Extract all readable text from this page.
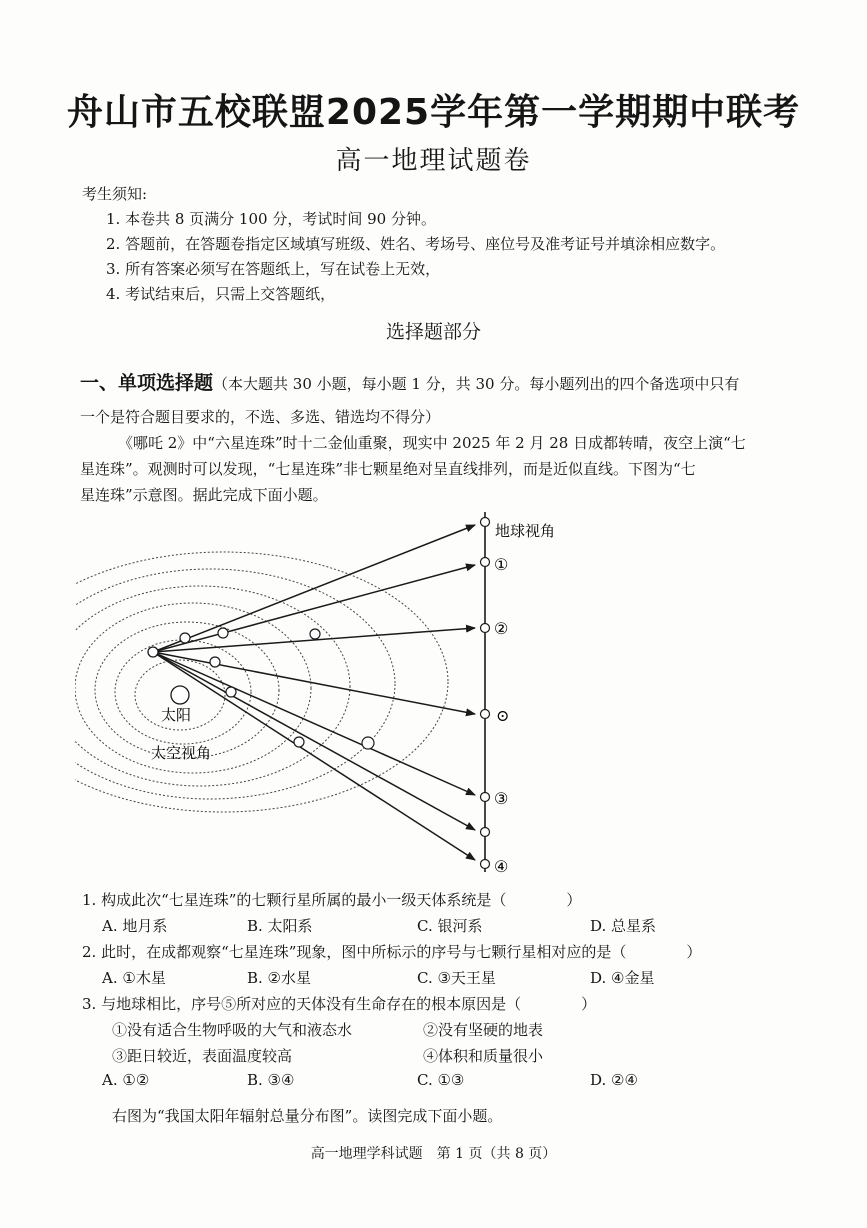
舟山市五校联盟2025学年第一学期期中联考
高一地理试题卷
考生须知:
1. 本卷共 8 页满分 100 分，考试时间 90 分钟。
2. 答题前，在答题卷指定区域填写班级、姓名、考场号、座位号及准考证号并填涂相应数字。
3. 所有答案必须写在答题纸上，写在试卷上无效，
4. 考试结束后，只需上交答题纸，
选择题部分
一、单项选择题（本大题共 30 小题，每小题 1 分，共 30 分。每小题列出的四个备选项中只有
一个是符合题目要求的，不选、多选、错选均不得分）
《哪吒 2》中“六星连珠”时十二金仙重聚，现实中 2025 年 2 月 28 日成都转晴，夜空上演“七
星连珠”。观测时可以发现，“七星连珠”非七颗星绝对呈直线排列，而是近似直线。下图为“七
星连珠”示意图。据此完成下面小题。
太阳
太空视角
地球视角
①
②
⊙
③
④
1. 构成此次“七星连珠”的七颗行星所属的最小一级天体系统是（　　　　）
A. 地月系	B. 太阳系	C. 银河系	D. 总星系
2. 此时，在成都观察“七星连珠”现象，图中所标示的序号与七颗行星相对应的是（　　　　）
A. ①木星	B. ②水星	C. ③天王星	D. ④金星
3. 与地球相比，序号⑤所对应的天体没有生命存在的根本原因是（　　　　）
①没有适合生物呼吸的大气和液态水	②没有坚硬的地表
③距日较近，表面温度较高	④体积和质量很小
A. ①②	B. ③④	C. ①③	D. ②④
右图为“我国太阳年辐射总量分布图”。读图完成下面小题。
高一地理学科试题　第 1 页（共 8 页）
